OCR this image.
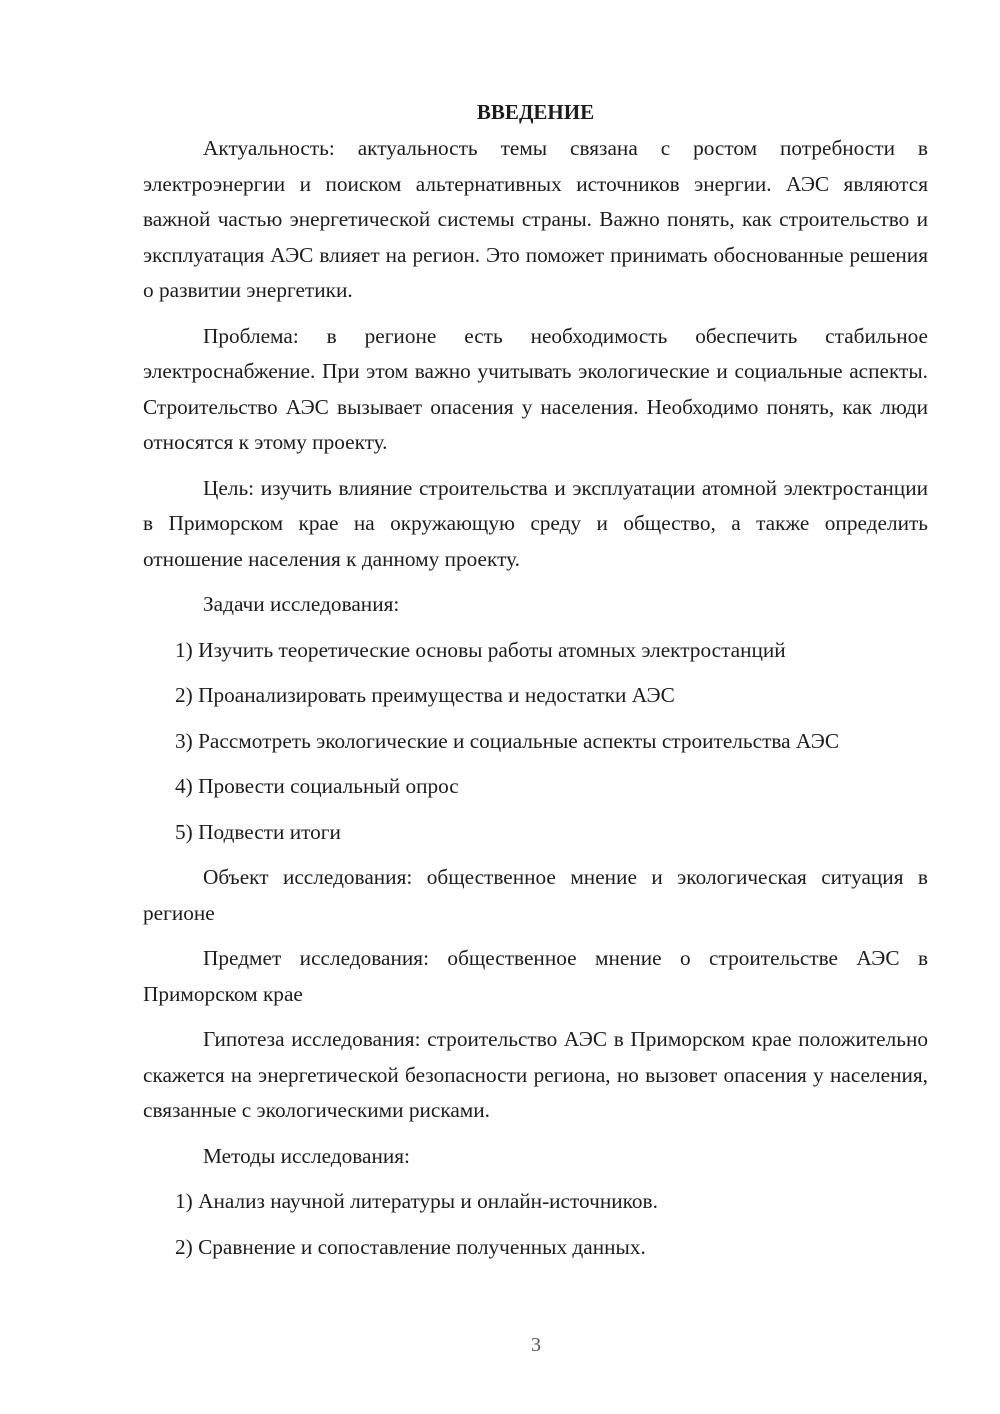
ВВЕДЕНИЕ

Актуальность: актуальность темы связана с ростом потребности в электроэнергии и поиском альтернативных источников энергии. АЭС являются важной частью энергетической системы страны. Важно понять, как строительство и эксплуатация АЭС влияет на регион. Это поможет принимать обоснованные решения о развитии энергетики.

Проблема: в регионе есть необходимость обеспечить стабильное электроснабжение. При этом важно учитывать экологические и социальные аспекты. Строительство АЭС вызывает опасения у населения. Необходимо понять, как люди относятся к этому проекту.

Цель: изучить влияние строительства и эксплуатации атомной электростанции в Приморском крае на окружающую среду и общество, а также определить отношение населения к данному проекту.

Задачи исследования:

1) Изучить теоретические основы работы атомных электростанций

2) Проанализировать преимущества и недостатки АЭС

3) Рассмотреть экологические и социальные аспекты строительства АЭС

4) Провести социальный опрос

5) Подвести итоги

Объект исследования: общественное мнение и экологическая ситуация в регионе

Предмет исследования: общественное мнение о строительстве АЭС в Приморском крае

Гипотеза исследования: строительство АЭС в Приморском крае положительно скажется на энергетической безопасности региона, но вызовет опасения у населения, связанные с экологическими рисками.

Методы исследования:

1) Анализ научной литературы и онлайн-источников.

2) Сравнение и сопоставление полученных данных.

3
